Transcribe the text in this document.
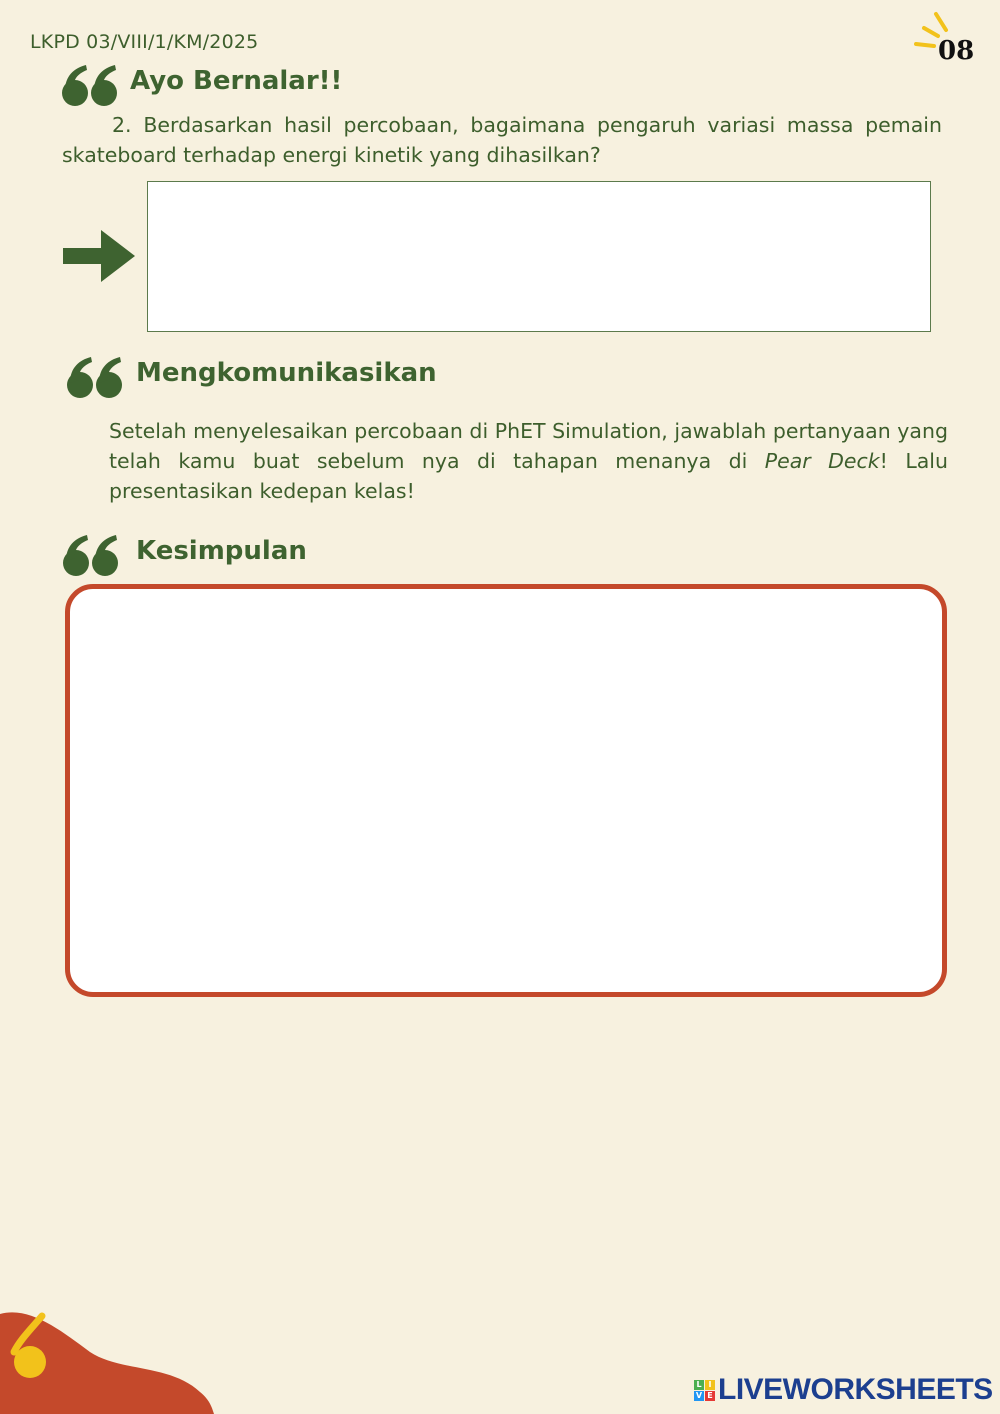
LKPD 03/VIII/1/KM/2025	08
Ayo Bernalar!!
2. Berdasarkan hasil percobaan, bagaimana pengaruh variasi massa pemain skateboard terhadap energi kinetik yang dihasilkan?
Mengkomunikasikan
Setelah menyelesaikan percobaan di PhET Simulation, jawablah pertanyaan yang telah kamu buat sebelum nya di tahapan menanya di Pear Deck! Lalu presentasikan kedepan kelas!
Kesimpulan
L I
V E LIVEWORKSHEETS
